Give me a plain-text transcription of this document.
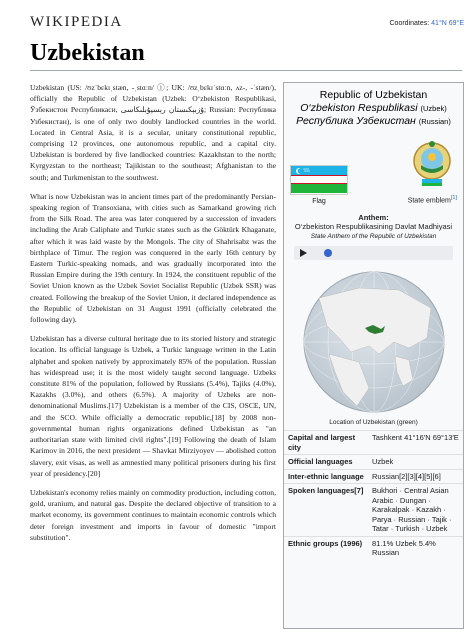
WIKIPEDIA	Coordinates: 41°N 69°E
Uzbekistan

Uzbekistan (US: /ʊzˈbɛkɪˌstæn, -ˌstɑːn/ ⓘ; UK: /ʊzˌbɛkɪˈstɑːn, ʌz-, -ˈstæn/), officially the Republic of Uzbekistan (Uzbek: O‘zbekiston Respublikasi, Ўзбекистон Республикаси, ۇزبېكىستان رېسپۇبلىكاسى; Russian: Республика Узбекистан), is one of only two doubly landlocked countries in the world. Located in Central Asia, it is a secular, unitary constitutional republic, comprising 12 provinces, one autonomous republic, and a capital city. Uzbekistan is bordered by five landlocked countries: Kazakhstan to the north; Kyrgyzstan to the northeast; Tajikistan to the southeast; Afghanistan to the south; and Turkmenistan to the southwest.

What is now Uzbekistan was in ancient times part of the predominantly Persian-speaking region of Transoxiana, with cities such as Samarkand growing rich from the Silk Road. The area was later conquered by a succession of invaders including the Arab Caliphate and Turkic states such as the Göktürk Khaganate, after which it was laid waste by the Mongols. The city of Shahrisabz was the birthplace of Timur. The region was conquered in the early 16th century by Eastern Turkic-speaking nomads, and was gradually incorporated into the Russian Empire during the 19th century. In 1924, the constituent republic of the Soviet Union known as the Uzbek Soviet Socialist Republic (Uzbek SSR) was created. Following the breakup of the Soviet Union, it declared independence as the Republic of Uzbekistan on 31 August 1991 (officially celebrated the following day).

Uzbekistan has a diverse cultural heritage due to its storied history and strategic location. Its official language is Uzbek, a Turkic language written in the Latin alphabet and spoken natively by approximately 85% of the population. Russian has widespread use; it is the most widely taught second language. Uzbeks constitute 81% of the population, followed by Russians (5.4%), Tajiks (4.0%), Kazakhs (3.0%), and others (6.5%). A majority of Uzbeks are non-denominational Muslims.[17] Uzbekistan is a member of the CIS, OSCE, UN, and the SCO. While officially a democratic republic,[18] by 2008 non-governmental human rights organizations defined Uzbekistan as "an authoritarian state with limited civil rights".[19] Following the death of Islam Karimov in 2016, the next president — Shavkat Mirziyoyev — abolished cotton slavery, exit visas, as well as amnestied many political prisoners during his first year of presidency.[20]

Uzbekistan's economy relies mainly on commodity production, including cotton, gold, uranium, and natural gas. Despite the declared objective of transition to a market economy, its government continues to maintain economic controls which deter foreign investment and imports in favour of domestic "import substitution".

Republic of Uzbekistan
O‘zbekiston Respublikasi (Uzbek)
Республика Узбекистан (Russian)
Flag	State emblem[1]
Anthem:
O‘zbekiston Respublikasining Davlat Madhiyasi
State Anthem of the Republic of Uzbekistan
Location of Uzbekistan (green)
Capital and largest city	Tashkent 41°16′N 69°13′E
Official languages	Uzbek
Inter-ethnic language	Russian[2][3][4][5][6]
Spoken languages[7]	Bukhori · Central Asian Arabic · Dungan · Karakalpak · Kazakh · Parya · Russian · Tajik · Tatar · Turkish · Uzbek
Ethnic groups (1996)	81.1% Uzbek 5.4% Russian
